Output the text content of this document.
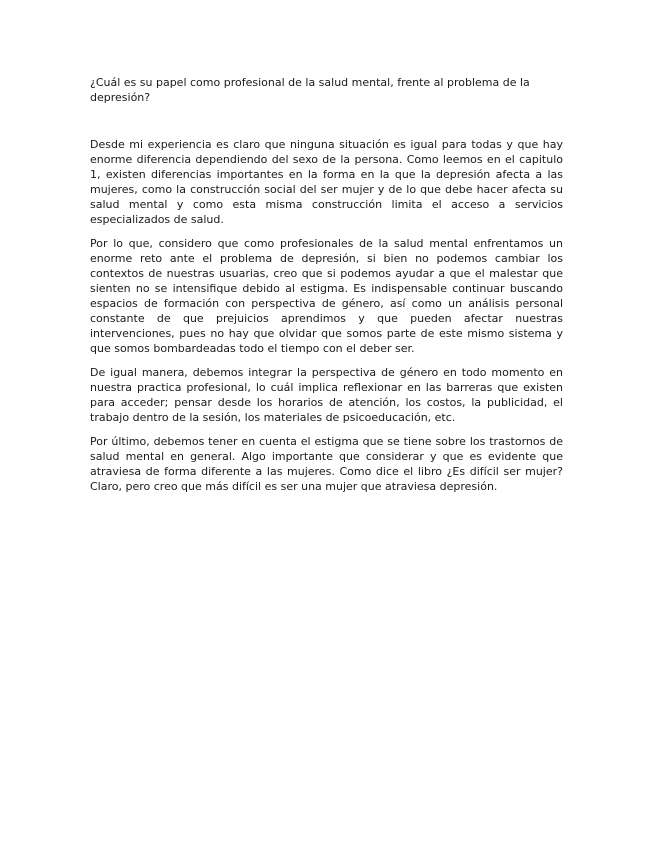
¿Cuál es su papel como profesional de la salud mental, frente al problema de la depresión?

Desde mi experiencia es claro que ninguna situación es igual para todas y que hay enorme diferencia dependiendo del sexo de la persona. Como leemos en el capitulo 1, existen diferencias importantes en la forma en la que la depresión afecta a las mujeres, como la construcción social del ser mujer y de lo que debe hacer afecta su salud mental y como esta misma construcción limita el acceso a servicios especializados de salud.

Por lo que, considero que como profesionales de la salud mental enfrentamos un enorme reto ante el problema de depresión, si bien no podemos cambiar los contextos de nuestras usuarias, creo que si podemos ayudar a que el malestar que sienten no se intensifique debido al estigma. Es indispensable continuar buscando espacios de formación con perspectiva de género, así como un análisis personal constante de que prejuicios aprendimos y que pueden afectar nuestras intervenciones, pues no hay que olvidar que somos parte de este mismo sistema y que somos bombardeadas todo el tiempo con el deber ser.

De igual manera, debemos integrar la perspectiva de género en todo momento en nuestra practica profesional, lo cuál implica reflexionar en las barreras que existen para acceder; pensar desde los horarios de atención, los costos, la publicidad, el trabajo dentro de la sesión, los materiales de psicoeducación, etc.

Por último, debemos tener en cuenta el estigma que se tiene sobre los trastornos de salud mental en general. Algo importante que considerar y que es evidente que atraviesa de forma diferente a las mujeres. Como dice el libro ¿Es difícil ser mujer? Claro, pero creo que más difícil es ser una mujer que atraviesa depresión.
